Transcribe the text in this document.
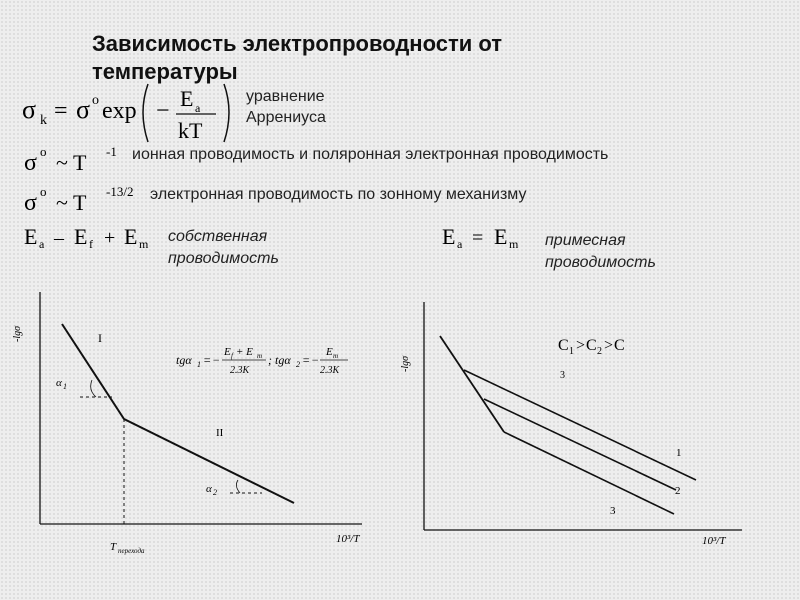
Зависимость электропроводности от
температуры
σ k = σ o exp − E a
kT
уравнение
Аррениуса
σ o ~ T -1 ионная проводимость и поляронная электронная проводимость
σ o ~ T -13/2 электронная проводимость по зонному механизму
E a – E f + E m собственная
проводимость
E a = E m примесная
проводимость
-lgσ
10³/T
α 1
α 2
I
II
T перехода
tgα 1 = −
E f + E m
2.3K
; tgα 2 = −
E m
2.3K	-lgσ
10³/T
1
2
3
C 1 > C 2 > C
3
